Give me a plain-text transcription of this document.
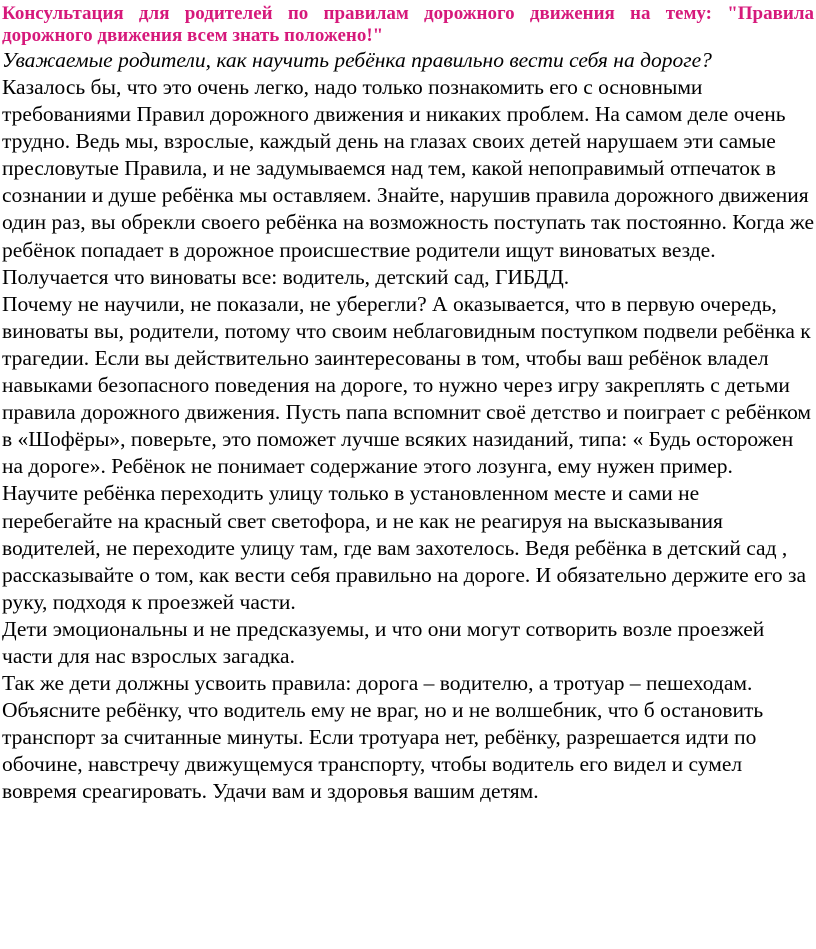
Консультация для родителей по правилам дорожного движения на тему: "Правила дорожного движения всем знать положено!"

Уважаемые родители, как научить ребёнка правильно вести себя на дороге?

Казалось бы, что это очень легко, надо только познакомить его с основными требованиями Правил дорожного движения и никаких проблем. На самом деле очень трудно. Ведь мы, взрослые, каждый день на глазах своих детей нарушаем эти самые пресловутые Правила, и не задумываемся над тем, какой непоправимый отпечаток в сознании и душе ребёнка мы оставляем. Знайте, нарушив правила дорожного движения один раз, вы обрекли своего ребёнка на возможность поступать так постоянно. Когда же ребёнок попадает в дорожное происшествие родители ищут виноватых везде. Получается что виноваты все: водитель, детский сад, ГИБДД.

Почему не научили, не показали, не уберегли? А оказывается, что в первую очередь, виноваты вы, родители, потому что своим неблаговидным поступком подвели ребёнка к трагедии. Если вы действительно заинтересованы в том, чтобы ваш ребёнок владел навыками безопасного поведения на дороге, то нужно через игру закреплять с детьми правила дорожного движения. Пусть папа вспомнит своё детство и поиграет с ребёнком в «Шофёры», поверьте, это поможет лучше всяких назиданий, типа: « Будь осторожен на дороге». Ребёнок не понимает содержание этого лозунга, ему нужен пример. Научите ребёнка переходить улицу только в установленном месте и сами не перебегайте на красный свет светофора, и не как не реагируя на высказывания водителей, не переходите улицу там, где вам захотелось. Ведя ребёнка в детский сад , рассказывайте о том, как вести себя правильно на дороге. И обязательно держите его за руку, подходя к проезжей части.

Дети эмоциональны и не предсказуемы, и что они могут сотворить возле проезжей части для нас взрослых загадка.

Так же дети должны усвоить правила: дорога – водителю, а тротуар – пешеходам. Объясните ребёнку, что водитель ему не враг, но и не волшебник, что б остановить транспорт за считанные минуты. Если тротуара нет, ребёнку, разрешается идти по обочине, навстречу движущемуся транспорту, чтобы водитель его видел и сумел вовремя среагировать. Удачи вам и здоровья вашим детям.
